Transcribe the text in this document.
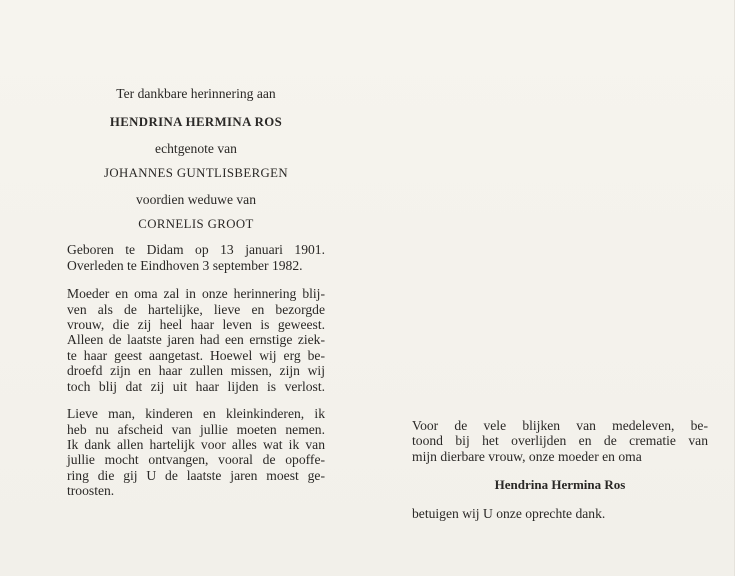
Ter dankbare herinnering aan

HENDRINA HERMINA ROS

echtgenote van

JOHANNES GUNTLISBERGEN

voordien weduwe van

CORNELIS GROOT

Geboren te Didam op 13 januari 1901.

Overleden te Eindhoven 3 september 1982.

Moeder en oma zal in onze herinnering blij-
ven als de hartelijke, lieve en bezorgde
vrouw, die zij heel haar leven is geweest.
Alleen de laatste jaren had een ernstige ziek-
te haar geest aangetast. Hoewel wij erg be-
droefd zijn en haar zullen missen, zijn wij
toch blij dat zij uit haar lijden is verlost.
Lieve man, kinderen en kleinkinderen, ik
heb nu afscheid van jullie moeten nemen.
Ik dank allen hartelijk voor alles wat ik van
jullie mocht ontvangen, vooral de opoffe-
ring die gij U de laatste jaren moest ge-
troosten.
Voor de vele blijken van medeleven, be-
toond bij het overlijden en de crematie van
mijn dierbare vrouw, onze moeder en oma

Hendrina Hermina Ros

betuigen wij U onze oprechte dank.
